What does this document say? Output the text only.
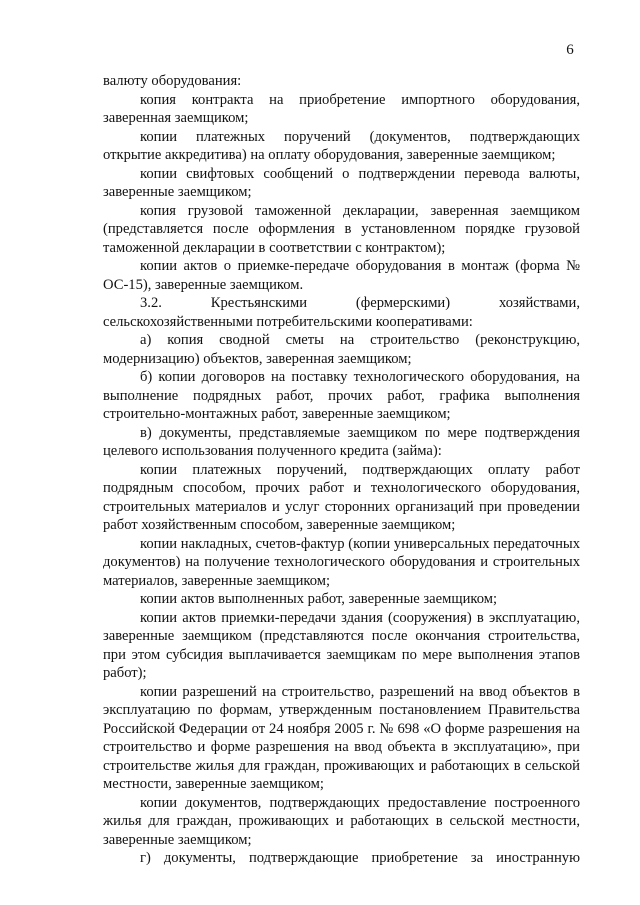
6

валюту оборудования:

копия контракта на приобретение импортного оборудования, заверенная заемщиком;

копии платежных поручений (документов, подтверждающих открытие аккредитива) на оплату оборудования, заверенные заемщиком;

копии свифтовых сообщений о подтверждении перевода валюты, заверенные заемщиком;

копия грузовой таможенной декларации, заверенная заемщиком (представляется после оформления в установленном порядке грузовой таможенной декларации в соответствии с контрактом);

копии актов о приемке-передаче оборудования в монтаж (форма № ОС-15), заверенные заемщиком.

3.2. Крестьянскими (фермерскими) хозяйствами, сельскохозяйственными потребительскими кооперативами:

а) копия сводной сметы на строительство (реконструкцию, модернизацию) объектов, заверенная заемщиком;

б) копии договоров на поставку технологического оборудования, на выполнение подрядных работ, прочих работ, графика выполнения строительно-монтажных работ, заверенные заемщиком;

в) документы, представляемые заемщиком по мере подтверждения целевого использования полученного кредита (займа):

копии платежных поручений, подтверждающих оплату работ подрядным способом, прочих работ и технологического оборудования, строительных материалов и услуг сторонних организаций при проведении работ хозяйственным способом, заверенные заемщиком;

копии накладных, счетов-фактур (копии универсальных передаточных документов) на получение технологического оборудования и строительных материалов, заверенные заемщиком;

копии актов выполненных работ, заверенные заемщиком;

копии актов приемки-передачи здания (сооружения) в эксплуатацию, заверенные заемщиком (представляются после окончания строительства, при этом субсидия выплачивается заемщикам по мере выполнения этапов работ);

копии разрешений на строительство, разрешений на ввод объектов в эксплуатацию по формам, утвержденным постановлением Правительства Российской Федерации от 24 ноября 2005 г. № 698 «О форме разрешения на строительство и форме разрешения на ввод объекта в эксплуатацию», при строительстве жилья для граждан, проживающих и работающих в сельской местности, заверенные заемщиком;

копии документов, подтверждающих предоставление построенного жилья для граждан, проживающих и работающих в сельской местности, заверенные заемщиком;

г) документы, подтверждающие приобретение за иностранную
